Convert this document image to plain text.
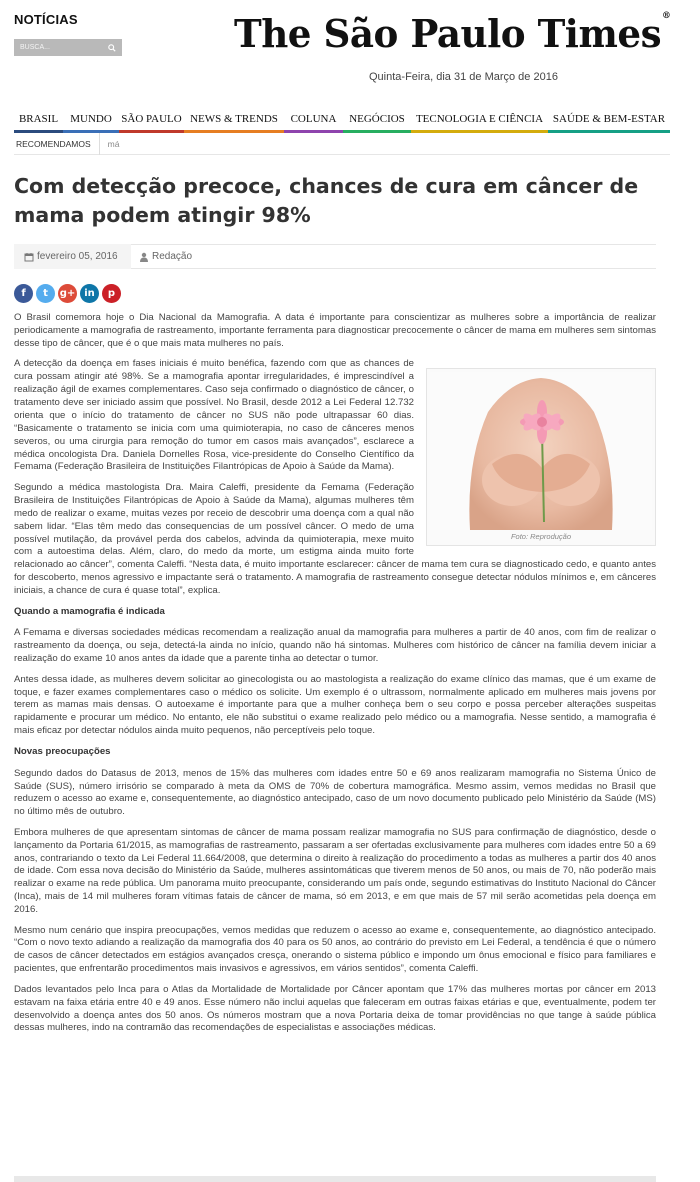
NOTÍCIAS
BUSCA...	The São Paulo Times®
Quinta-Feira, dia 31 de Março de 2016
BRASIL MUNDO SÃO PAULO NEWS & TRENDS COLUNA NEGÓCIOS TECNOLOGIA E CIÊNCIA SAÚDE & BEM-ESTAR
RECOMENDAMOS	má
Com detecção precoce, chances de cura em câncer de mama podem atingir 98%
fevereiro 05, 2016	Redação
f t g+ in p

O Brasil comemora hoje o Dia Nacional da Mamografia. A data é importante para conscientizar as mulheres sobre a importância de realizar periodicamente a mamografia de rastreamento, importante ferramenta para diagnosticar precocemente o câncer de mama em mulheres sem sintomas desse tipo de câncer, que é o que mais mata mulheres no país.

Foto: Reprodução

A detecção da doença em fases iniciais é muito benéfica, fazendo com que as chances de cura possam atingir até 98%. Se a mamografia apontar irregularidades, é imprescindível a realização ágil de exames complementares. Caso seja confirmado o diagnóstico de câncer, o tratamento deve ser iniciado assim que possível. No Brasil, desde 2012 a Lei Federal 12.732 orienta que o início do tratamento de câncer no SUS não pode ultrapassar 60 dias. “Basicamente o tratamento se inicia com uma quimioterapia, no caso de cânceres menos severos, ou uma cirurgia para remoção do tumor em casos mais avançados”, esclarece a médica oncologista Dra. Daniela Dornelles Rosa, vice-presidente do Conselho Científico da Femama (Federação Brasileira de Instituições Filantrópicas de Apoio à Saúde da Mama).

Segundo a médica mastologista Dra. Maira Caleffi, presidente da Femama (Federação Brasileira de Instituições Filantrópicas de Apoio à Saúde da Mama), algumas mulheres têm medo de realizar o exame, muitas vezes por receio de descobrir uma doença com a qual não sabem lidar. “Elas têm medo das consequencias de um possível câncer. O medo de uma possível mutilação, da provável perda dos cabelos, advinda da quimioterapia, mexe muito com a autoestima delas. Além, claro, do medo da morte, um estigma ainda muito forte relacionado ao câncer”, comenta Caleffi. “Nesta data, é muito importante esclarecer: câncer de mama tem cura se diagnosticado cedo, e quanto antes for descoberto, menos agressivo e impactante será o tratamento. A mamografia de rastreamento consegue detectar nódulos mínimos e, em cânceres iniciais, a chance de cura é quase total”, explica.

Quando a mamografia é indicada

A Femama e diversas sociedades médicas recomendam a realização anual da mamografia para mulheres a partir de 40 anos, com fim de realizar o rastreamento da doença, ou seja, detectá-la ainda no início, quando não há sintomas. Mulheres com histórico de câncer na família devem iniciar a realização do exame 10 anos antes da idade que a parente tinha ao detectar o tumor.

Antes dessa idade, as mulheres devem solicitar ao ginecologista ou ao mastologista a realização do exame clínico das mamas, que é um exame de toque, e fazer exames complementares caso o médico os solicite. Um exemplo é o ultrassom, normalmente aplicado em mulheres mais jovens por terem as mamas mais densas. O autoexame é importante para que a mulher conheça bem o seu corpo e possa perceber alterações suspeitas rapidamente e procurar um médico. No entanto, ele não substitui o exame realizado pelo médico ou a mamografia. Nesse sentido, a mamografia é mais eficaz por detectar nódulos ainda muito pequenos, não perceptíveis pelo toque.

Novas preocupações

Segundo dados do Datasus de 2013, menos de 15% das mulheres com idades entre 50 e 69 anos realizaram mamografia no Sistema Único de Saúde (SUS), número irrisório se comparado à meta da OMS de 70% de cobertura mamográfica. Mesmo assim, vemos medidas no Brasil que reduzem o acesso ao exame e, consequentemente, ao diagnóstico antecipado, caso de um novo documento publicado pelo Ministério da Saúde (MS) no último mês de outubro.

Embora mulheres de que apresentam sintomas de câncer de mama possam realizar mamografia no SUS para confirmação de diagnóstico, desde o lançamento da Portaria 61/2015, as mamografias de rastreamento, passaram a ser ofertadas exclusivamente para mulheres com idades entre 50 a 69 anos, contrariando o texto da Lei Federal 11.664/2008, que determina o direito à realização do procedimento a todas as mulheres a partir dos 40 anos de idade. Com essa nova decisão do Ministério da Saúde, mulheres assintomáticas que tiverem menos de 50 anos, ou mais de 70, não poderão mais realizar o exame na rede pública. Um panorama muito preocupante, considerando um país onde, segundo estimativas do Instituto Nacional do Câncer (Inca), mais de 14 mil mulheres foram vítimas fatais de câncer de mama, só em 2013, e em que mais de 57 mil serão acometidas pela doença em 2016.

Mesmo num cenário que inspira preocupações, vemos medidas que reduzem o acesso ao exame e, consequentemente, ao diagnóstico antecipado. “Com o novo texto adiando a realização da mamografia dos 40 para os 50 anos, ao contrário do previsto em Lei Federal, a tendência é que o número de casos de câncer detectados em estágios avançados cresça, onerando o sistema público e impondo um ônus emocional e físico para familiares e pacientes, que enfrentarão procedimentos mais invasivos e agressivos, em vários sentidos”, comenta Caleffi.

Dados levantados pelo Inca para o Atlas da Mortalidade de Mortalidade por Câncer apontam que 17% das mulheres mortas por câncer em 2013 estavam na faixa etária entre 40 e 49 anos. Esse número não inclui aquelas que faleceram em outras faixas etárias e que, eventualmente, podem ter desenvolvido a doença antes dos 50 anos. Os números mostram que a nova Portaria deixa de tomar providências no que tange à saúde pública dessas mulheres, indo na contramão das recomendações de especialistas e associações médicas.
